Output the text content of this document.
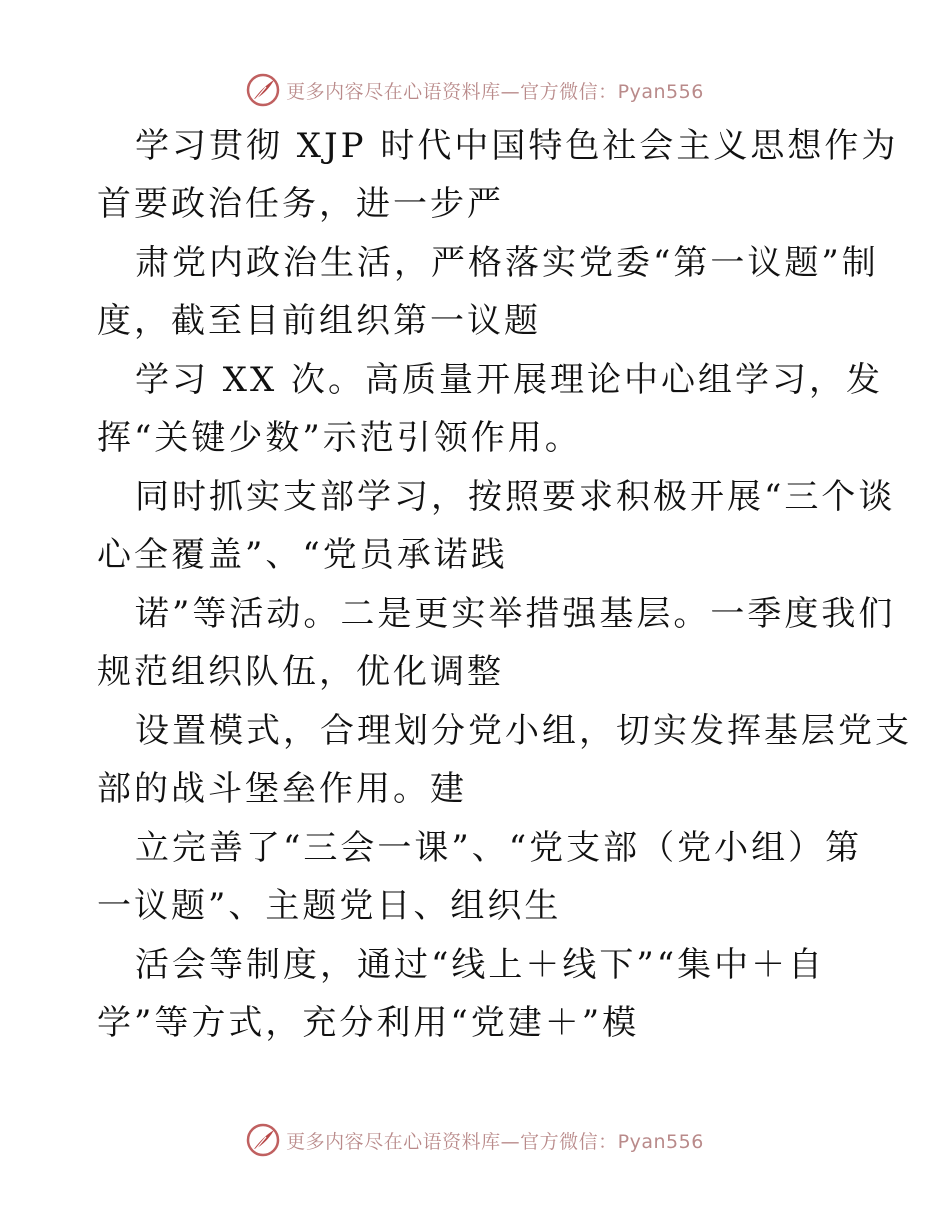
更多内容尽在心语资料库—官方微信：Pyan556
学习贯彻 XJP 时代中国特色社会主义思想作为
首要政治任务，进一步严
肃党内政治生活，严格落实党委“第一议题”制
度，截至目前组织第一议题
学习 XX 次。高质量开展理论中心组学习，发
挥“关键少数”示范引领作用。
同时抓实支部学习，按照要求积极开展“三个谈
心全覆盖”、“党员承诺践
诺”等活动。二是更实举措强基层。一季度我们
规范组织队伍，优化调整
设置模式，合理划分党小组，切实发挥基层党支
部的战斗堡垒作用。建
立完善了“三会一课”、“党支部（党小组）第
一议题”、主题党日、组织生
活会等制度，通过“线上＋线下”“集中＋自
学”等方式，充分利用“党建＋”模
更多内容尽在心语资料库—官方微信：Pyan556
